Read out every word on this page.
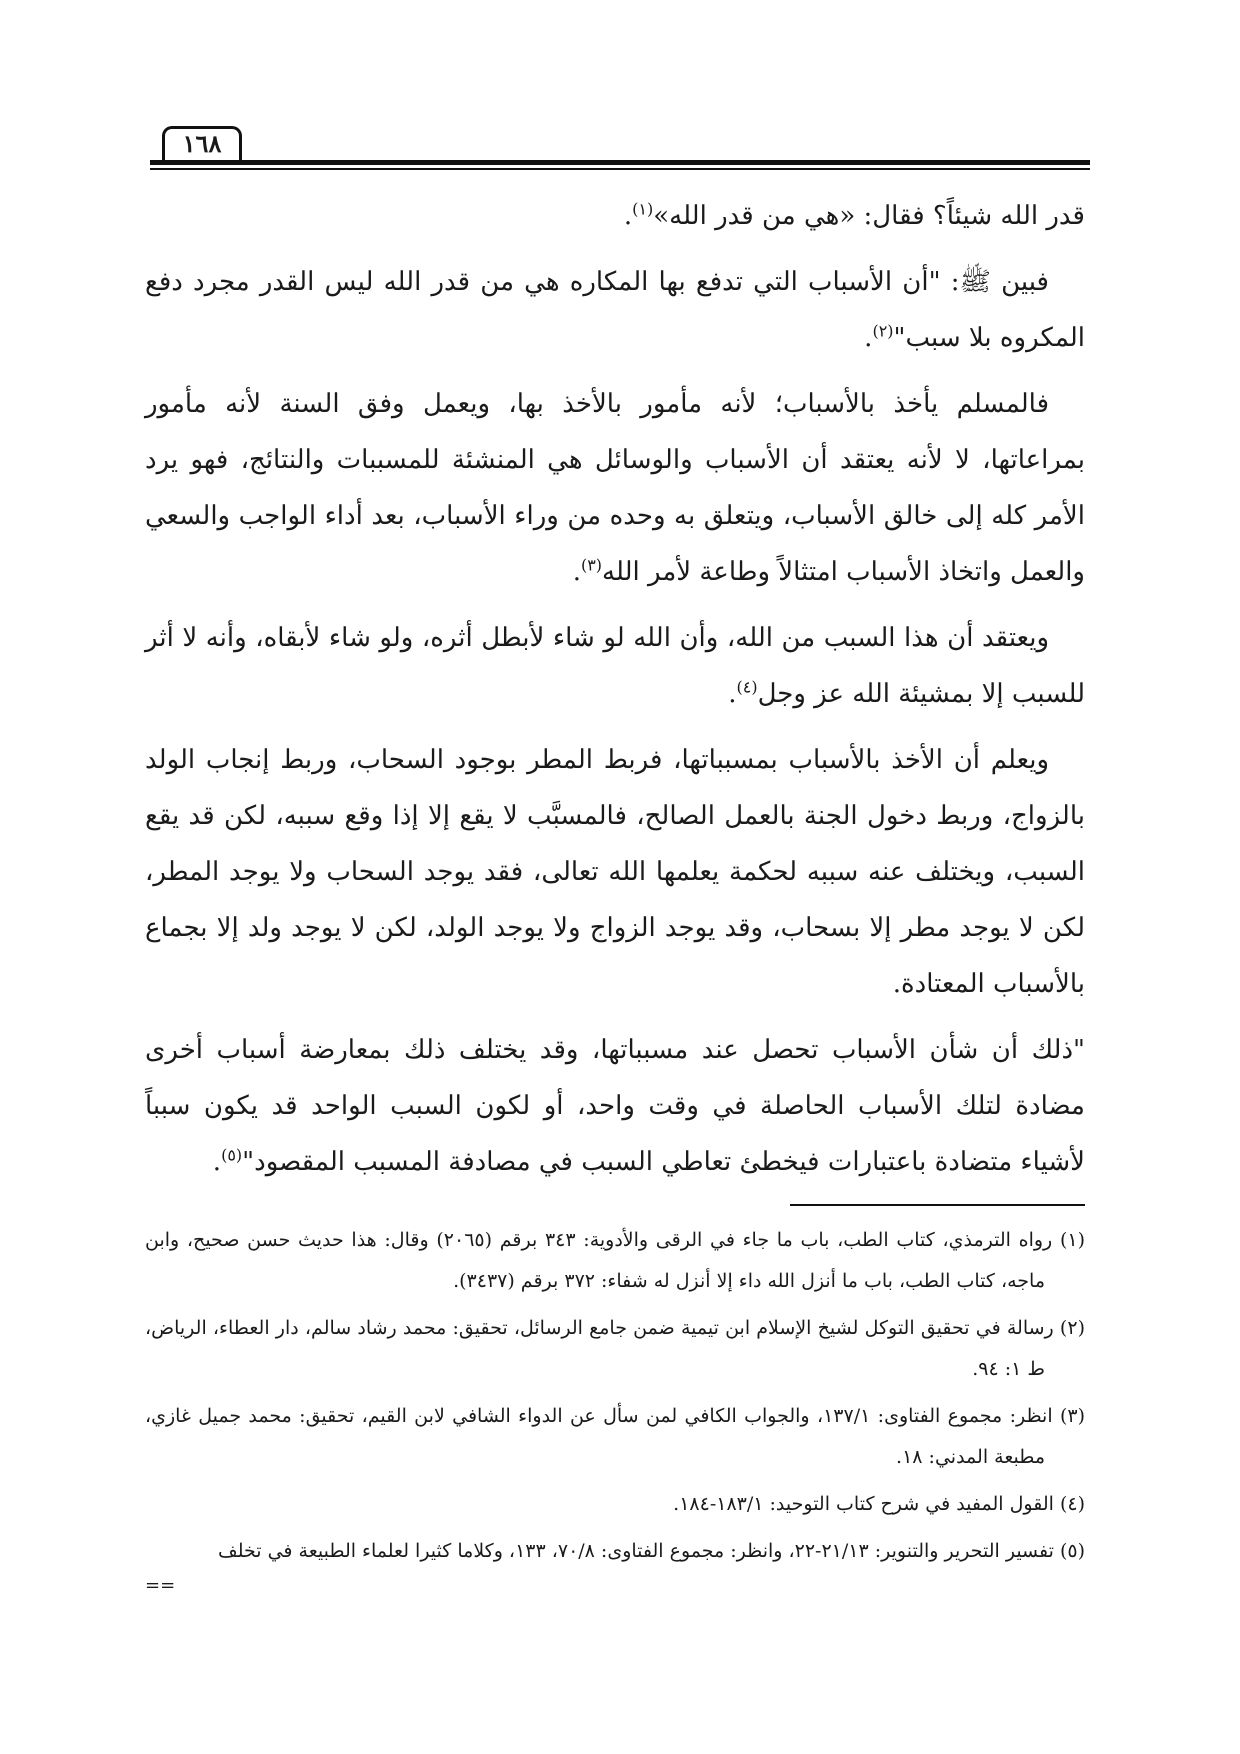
١٦٨

قدر الله شيئاً؟ فقال: «هي من قدر الله»$^{(١)}$.

فبين ﷺ: "أن الأسباب التي تدفع بها المكاره هي من قدر الله ليس القدر مجرد دفع المكروه بلا سبب"$^{(٢)}$.

فالمسلم يأخذ بالأسباب؛ لأنه مأمور بالأخذ بها، ويعمل وفق السنة لأنه مأمور بمراعاتها، لا لأنه يعتقد أن الأسباب والوسائل هي المنشئة للمسببات والنتائج، فهو يرد الأمر كله إلى خالق الأسباب، ويتعلق به وحده من وراء الأسباب، بعد أداء الواجب والسعي والعمل واتخاذ الأسباب امتثالاً وطاعة لأمر الله$^{(٣)}$.

ويعتقد أن هذا السبب من الله، وأن الله لو شاء لأبطل أثره، ولو شاء لأبقاه، وأنه لا أثر للسبب إلا بمشيئة الله عز وجل$^{(٤)}$.

ويعلم أن الأخذ بالأسباب بمسبباتها، فربط المطر بوجود السحاب، وربط إنجاب الولد بالزواج، وربط دخول الجنة بالعمل الصالح، فالمسبَّب لا يقع إلا إذا وقع سببه، لكن قد يقع السبب، ويختلف عنه سببه لحكمة يعلمها الله تعالى، فقد يوجد السحاب ولا يوجد المطر، لكن لا يوجد مطر إلا بسحاب، وقد يوجد الزواج ولا يوجد الولد، لكن لا يوجد ولد إلا بجماع بالأسباب المعتادة.

"ذلك أن شأن الأسباب تحصل عند مسبباتها، وقد يختلف ذلك بمعارضة أسباب أخرى مضادة لتلك الأسباب الحاصلة في وقت واحد، أو لكون السبب الواحد قد يكون سبباً لأشياء متضادة باعتبارات فيخطئ تعاطي السبب في مصادفة المسبب المقصود"$^{(٥)}$.

(١) رواه الترمذي، كتاب الطب، باب ما جاء في الرقى والأدوية: ٣٤٣ برقم (٢٠٦٥) وقال: هذا حديث حسن صحيح، وابن ماجه، كتاب الطب، باب ما أنزل الله داء إلا أنزل له شفاء: ٣٧٢ برقم (٣٤٣٧).

(٢) رسالة في تحقيق التوكل لشيخ الإسلام ابن تيمية ضمن جامع الرسائل، تحقيق: محمد رشاد سالم، دار العطاء، الرياض، ط ١: ٩٤.

(٣) انظر: مجموع الفتاوى: ١٣٧/١، والجواب الكافي لمن سأل عن الدواء الشافي لابن القيم، تحقيق: محمد جميل غازي، مطبعة المدني: ١٨.

(٤) القول المفيد في شرح كتاب التوحيد: ١٨٣/١-١٨٤.

(٥) تفسير التحرير والتنوير: ٢١/١٣-٢٢، وانظر: مجموع الفتاوى: ٧٠/٨، ١٣٣، وكلاما كثيرا لعلماء الطبيعة في تخلف

==
